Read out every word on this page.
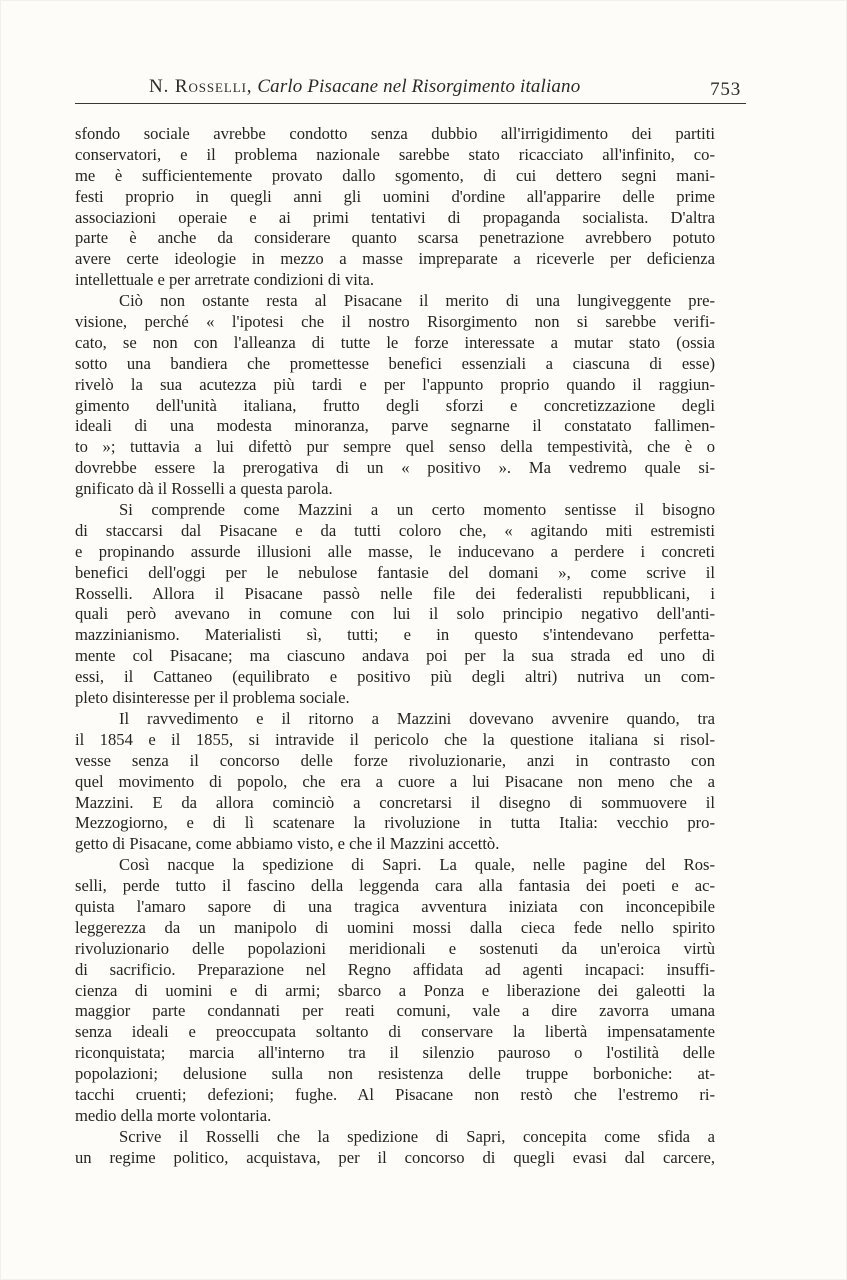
N. Rosselli, Carlo Pisacane nel Risorgimento italiano	753
sfondo sociale avrebbe condotto senza dubbio all'irrigidimento dei partiti
conservatori, e il problema nazionale sarebbe stato ricacciato all'infinito, co-
me è sufficientemente provato dallo sgomento, di cui dettero segni mani-
festi proprio in quegli anni gli uomini d'ordine all'apparire delle prime
associazioni operaie e ai primi tentativi di propaganda socialista. D'altra
parte è anche da considerare quanto scarsa penetrazione avrebbero potuto
avere certe ideologie in mezzo a masse impreparate a riceverle per deficienza
intellettuale e per arretrate condizioni di vita.
Ciò non ostante resta al Pisacane il merito di una lungiveggente pre-
visione, perché « l'ipotesi che il nostro Risorgimento non si sarebbe verifi-
cato, se non con l'alleanza di tutte le forze interessate a mutar stato (ossia
sotto una bandiera che promettesse benefici essenziali a ciascuna di esse)
rivelò la sua acutezza più tardi e per l'appunto proprio quando il raggiun-
gimento dell'unità italiana, frutto degli sforzi e concretizzazione degli
ideali di una modesta minoranza, parve segnarne il constatato fallimen-
to »; tuttavia a lui difettò pur sempre quel senso della tempestività, che è o
dovrebbe essere la prerogativa di un « positivo ». Ma vedremo quale si-
gnificato dà il Rosselli a questa parola.
Si comprende come Mazzini a un certo momento sentisse il bisogno
di staccarsi dal Pisacane e da tutti coloro che, « agitando miti estremisti
e propinando assurde illusioni alle masse, le inducevano a perdere i concreti
benefici dell'oggi per le nebulose fantasie del domani », come scrive il
Rosselli. Allora il Pisacane passò nelle file dei federalisti repubblicani, i
quali però avevano in comune con lui il solo principio negativo dell'anti-
mazzinianismo. Materialisti sì, tutti; e in questo s'intendevano perfetta-
mente col Pisacane; ma ciascuno andava poi per la sua strada ed uno di
essi, il Cattaneo (equilibrato e positivo più degli altri) nutriva un com-
pleto disinteresse per il problema sociale.
Il ravvedimento e il ritorno a Mazzini dovevano avvenire quando, tra
il 1854 e il 1855, si intravide il pericolo che la questione italiana si risol-
vesse senza il concorso delle forze rivoluzionarie, anzi in contrasto con
quel movimento di popolo, che era a cuore a lui Pisacane non meno che a
Mazzini. E da allora cominciò a concretarsi il disegno di sommuovere il
Mezzogiorno, e di lì scatenare la rivoluzione in tutta Italia: vecchio pro-
getto di Pisacane, come abbiamo visto, e che il Mazzini accettò.
Così nacque la spedizione di Sapri. La quale, nelle pagine del Ros-
selli, perde tutto il fascino della leggenda cara alla fantasia dei poeti e ac-
quista l'amaro sapore di una tragica avventura iniziata con inconcepibile
leggerezza da un manipolo di uomini mossi dalla cieca fede nello spirito
rivoluzionario delle popolazioni meridionali e sostenuti da un'eroica virtù
di sacrificio. Preparazione nel Regno affidata ad agenti incapaci: insuffi-
cienza di uomini e di armi; sbarco a Ponza e liberazione dei galeotti la
maggior parte condannati per reati comuni, vale a dire zavorra umana
senza ideali e preoccupata soltanto di conservare la libertà impensatamente
riconquistata; marcia all'interno tra il silenzio pauroso o l'ostilità delle
popolazioni; delusione sulla non resistenza delle truppe borboniche: at-
tacchi cruenti; defezioni; fughe. Al Pisacane non restò che l'estremo ri-
medio della morte volontaria.
Scrive il Rosselli che la spedizione di Sapri, concepita come sfida a
un regime politico, acquistava, per il concorso di quegli evasi dal carcere,
